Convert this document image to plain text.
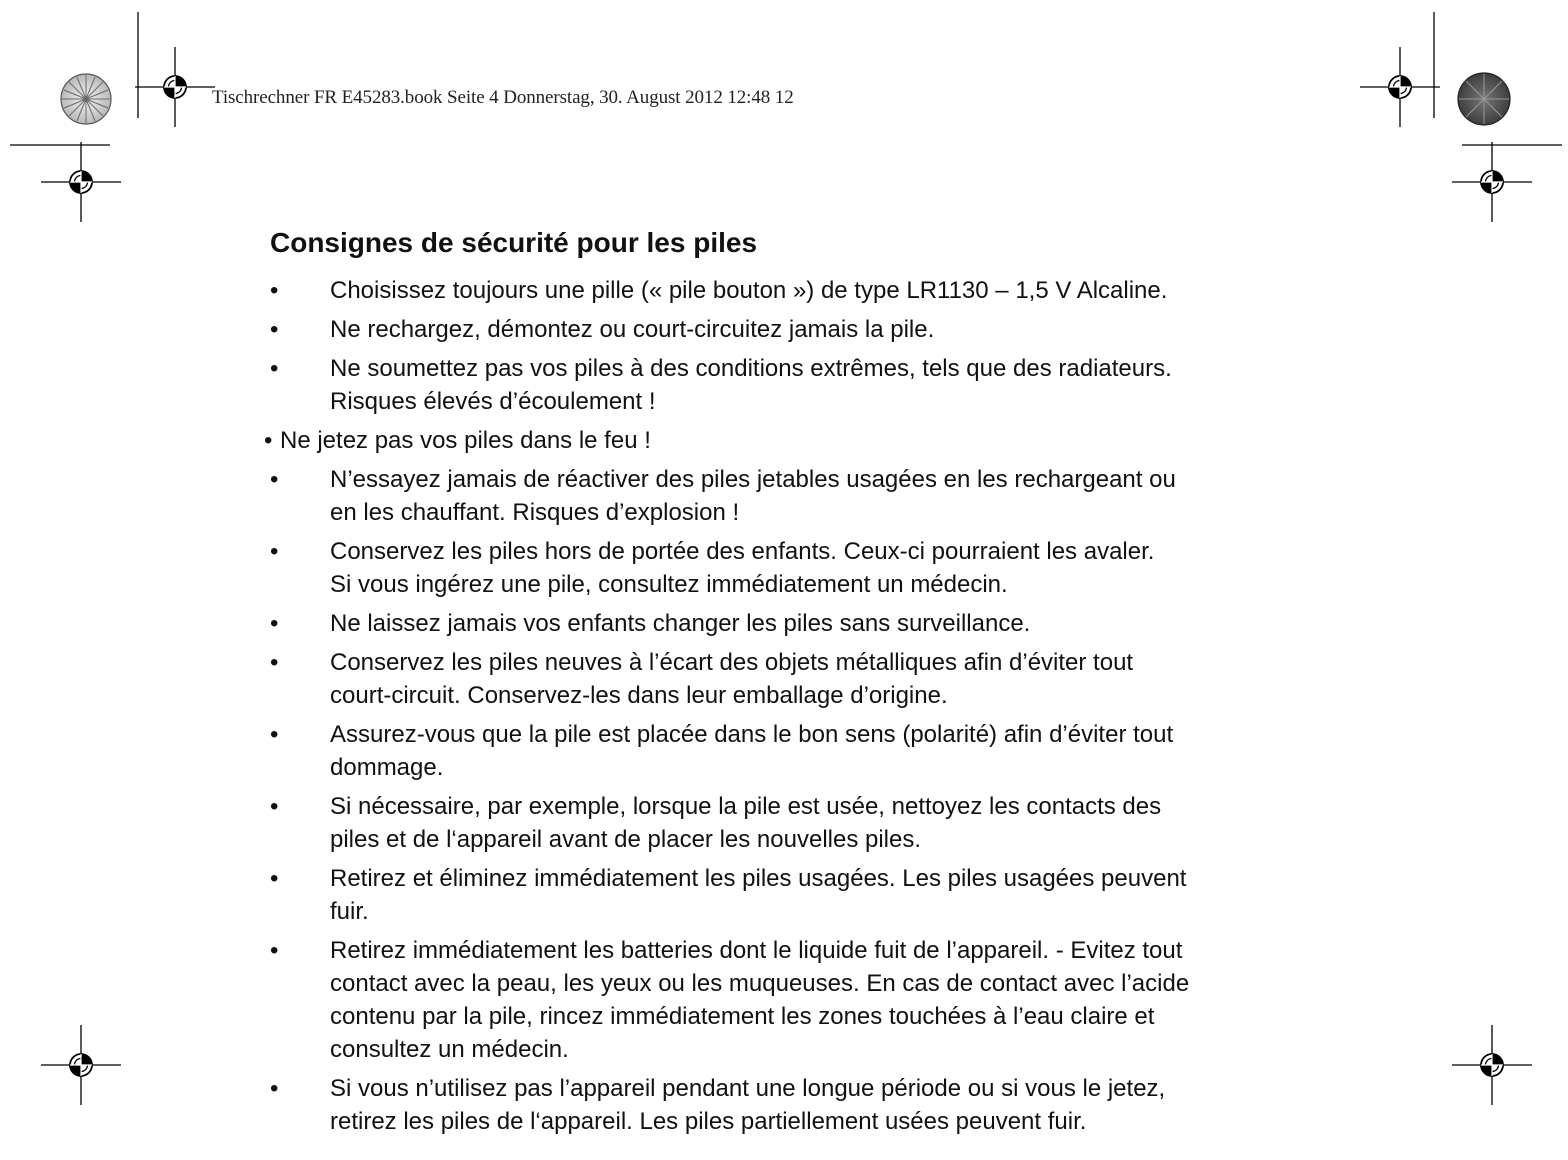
Tischrechner FR E45283.book Seite 4 Donnerstag, 30. August 2012 12:48 12
Consignes de sécurité pour les piles
•	Choisissez toujours une pille (« pile bouton ») de type LR1130 – 1,5 V Alcaline.
•	Ne rechargez, démontez ou court-circuitez jamais la pile.
•	Ne soumettez pas vos piles à des conditions extrêmes, tels que des radiateurs.
Risques élevés d’écoulement !
• Ne jetez pas vos piles dans le feu !
•	N’essayez jamais de réactiver des piles jetables usagées en les rechargeant ou
en les chauffant. Risques d’explosion !
•	Conservez les piles hors de portée des enfants. Ceux-ci pourraient les avaler.
Si vous ingérez une pile, consultez immédiatement un médecin.
•	Ne laissez jamais vos enfants changer les piles sans surveillance.
•	Conservez les piles neuves à l’écart des objets métalliques afin d’éviter tout
court-circuit. Conservez-les dans leur emballage d’origine.
•	Assurez-vous que la pile est placée dans le bon sens (polarité) afin d’éviter tout
dommage.
•	Si nécessaire, par exemple, lorsque la pile est usée, nettoyez les contacts des
piles et de l‘appareil avant de placer les nouvelles piles.
•	Retirez et éliminez immédiatement les piles usagées. Les piles usagées peuvent
fuir.
•	Retirez immédiatement les batteries dont le liquide fuit de l’appareil. - Evitez tout
contact avec la peau, les yeux ou les muqueuses. En cas de contact avec l’acide
contenu par la pile, rincez immédiatement les zones touchées à l’eau claire et
consultez un médecin.
•	Si vous n’utilisez pas l’appareil pendant une longue période ou si vous le jetez,
retirez les piles de l‘appareil. Les piles partiellement usées peuvent fuir.
